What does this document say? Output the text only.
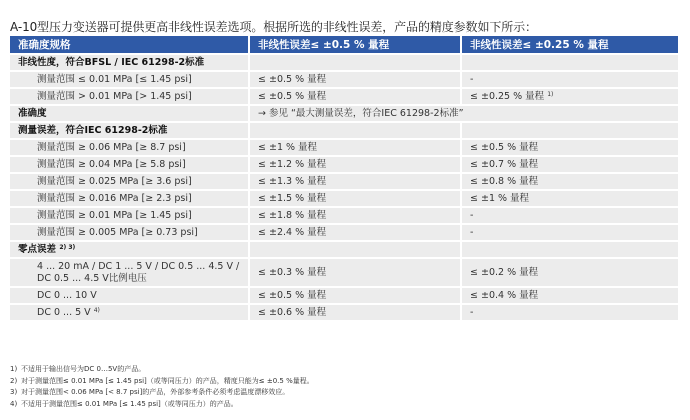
A-10型压力变送器可提供更高非线性误差选项。根据所选的非线性误差，产品的精度参数如下所示：

准确度规格	非线性误差≤ ±0.5 % 量程	非线性误差≤ ±0.25 % 量程
非线性度，符合BFSL / IEC 61298-2标准		
测量范围 ≤ 0.01 MPa [≤ 1.45 psi]	≤ ±0.5 % 量程	-
测量范围 > 0.01 MPa [> 1.45 psi]	≤ ±0.5 % 量程	≤ ±0.25 % 量程 $^{1)}$
准确度	→ 参见 “最大测量误差，符合IEC 61298-2标准”	
测量误差，符合IEC 61298-2标准		
测量范围 ≥ 0.06 MPa [≥ 8.7 psi]	≤ ±1 % 量程	≤ ±0.5 % 量程
测量范围 ≥ 0.04 MPa [≥ 5.8 psi]	≤ ±1.2 % 量程	≤ ±0.7 % 量程
测量范围 ≥ 0.025 MPa [≥ 3.6 psi]	≤ ±1.3 % 量程	≤ ±0.8 % 量程
测量范围 ≥ 0.016 MPa [≥ 2.3 psi]	≤ ±1.5 % 量程	≤ ±1 % 量程
测量范围 ≥ 0.01 MPa [≥ 1.45 psi]	≤ ±1.8 % 量程	-
测量范围 ≥ 0.005 MPa [≥ 0.73 psi]	≤ ±2.4 % 量程	-
零点误差 $^{2) 3)}$		
4 ... 20 mA / DC 1 ... 5 V / DC 0.5 ... 4.5 V /
DC 0.5 ... 4.5 V比例电压	≤ ±0.3 % 量程	≤ ±0.2 % 量程
DC 0 ... 10 V	≤ ±0.5 % 量程	≤ ±0.4 % 量程
DC 0 ... 5 V $^{4)}$	≤ ±0.6 % 量程	-
1) 不适用于输出信号为DC 0…5V的产品。
2) 对于测量范围≤ 0.01 MPa [≤ 1.45 psi]（或等同压力）的产品，精度只能为≤ ±0.5 %量程。
3) 对于测量范围< 0.06 MPa [< 8.7 psi]的产品，外部参考条件必须考虑温度漂移效应。
4) 不适用于测量范围≤ 0.01 MPa [≤ 1.45 psi]（或等同压力）的产品。
